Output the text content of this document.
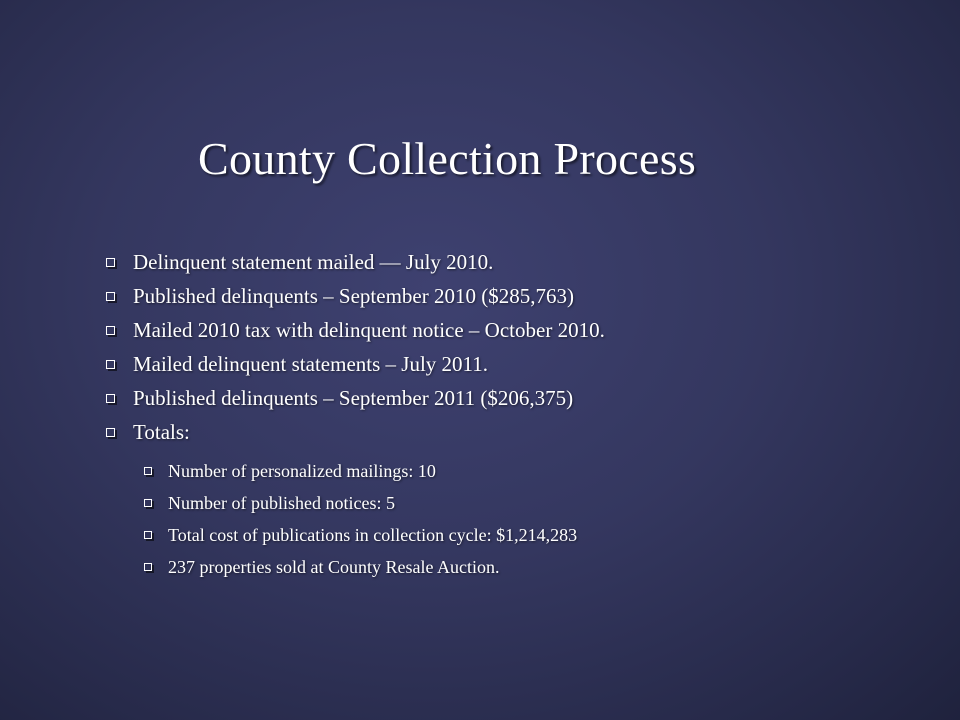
County Collection Process
Delinquent statement mailed — July 2010.
Published delinquents – September 2010 ($285,763)
Mailed 2010 tax with delinquent notice – October 2010.
Mailed delinquent statements – July 2011.
Published delinquents – September 2011 ($206,375)
Totals:
Number of personalized mailings: 10
Number of published notices: 5
Total cost of publications in collection cycle: $1,214,283
237 properties sold at County Resale Auction.
